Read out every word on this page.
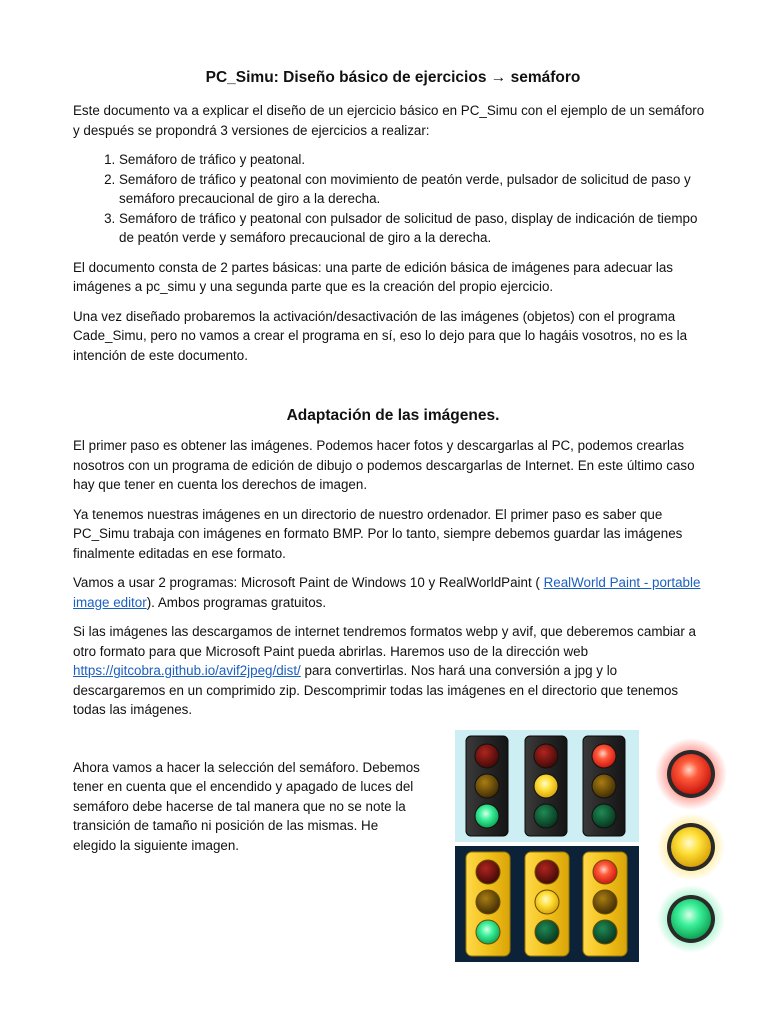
PC_Simu: Diseño básico de ejercicios → semáforo

Este documento va a explicar el diseño de un ejercicio básico en PC_Simu con el ejemplo de un semáforo y después se propondrá 3 versiones de ejercicios a realizar:

1. Semáforo de tráfico y peatonal.
2. Semáforo de tráfico y peatonal con movimiento de peatón verde, pulsador de solicitud de paso y semáforo precaucional de giro a la derecha.
3. Semáforo de tráfico y peatonal con pulsador de solicitud de paso, display de indicación de tiempo de peatón verde y semáforo precaucional de giro a la derecha.

El documento consta de 2 partes básicas: una parte de edición básica de imágenes para adecuar las imágenes a pc_simu y una segunda parte que es la creación del propio ejercicio.

Una vez diseñado probaremos la activación/desactivación de las imágenes (objetos) con el programa Cade_Simu, pero no vamos a crear el programa en sí, eso lo dejo para que lo hagáis vosotros, no es la intención de este documento.

Adaptación de las imágenes.

El primer paso es obtener las imágenes. Podemos hacer fotos y descargarlas al PC, podemos crearlas nosotros con un programa de edición de dibujo o podemos descargarlas de Internet. En este último caso hay que tener en cuenta los derechos de imagen.

Ya tenemos nuestras imágenes en un directorio de nuestro ordenador. El primer paso es saber que PC_Simu trabaja con imágenes en formato BMP. Por lo tanto, siempre debemos guardar las imágenes finalmente editadas en ese formato.

Vamos a usar 2 programas: Microsoft Paint de Windows 10 y RealWorldPaint ( RealWorld Paint - portable image editor). Ambos programas gratuitos.

Si las imágenes las descargamos de internet tendremos formatos webp y avif, que deberemos cambiar a otro formato para que Microsoft Paint pueda abrirlas. Haremos uso de la dirección web https://gitcobra.github.io/avif2jpeg/dist/ para convertirlas. Nos hará una conversión a jpg y lo descargaremos en un comprimido zip. Descomprimir todas las imágenes en el directorio que tenemos todas las imágenes.

Ahora vamos a hacer la selección del semáforo. Debemos tener en cuenta que el encendido y apagado de luces del semáforo debe hacerse de tal manera que no se note la transición de tamaño ni posición de las mismas. He elegido la siguiente imagen.
